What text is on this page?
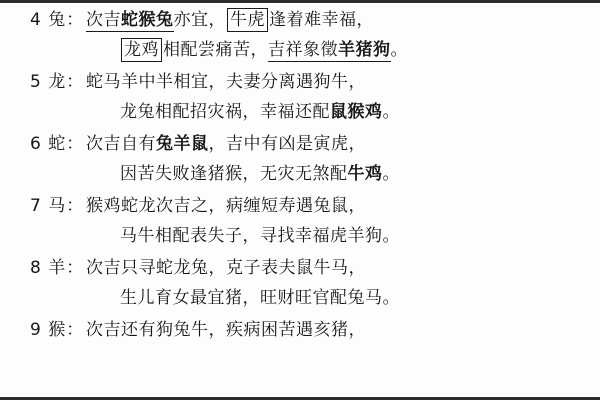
4 兔： 次吉蛇猴兔亦宜， 牛虎 逢着难幸福，
龙鸡 相配尝痛苦，吉祥象徵羊猪狗。
5 龙： 蛇马羊中半相宜，夫妻分离遇狗牛，
龙兔相配招灾祸，幸福还配鼠猴鸡。
6 蛇： 次吉自有兔羊鼠，吉中有凶是寅虎，
因苦失败逢猪猴，无灾无煞配牛鸡。
7 马： 猴鸡蛇龙次吉之，病缠短寿遇兔鼠，
马牛相配表失子，寻找幸福虎羊狗。
8 羊： 次吉只寻蛇龙兔，克子表夫鼠牛马，
生儿育女最宜猪，旺财旺官配兔马。
9 猴： 次吉还有狗兔牛，疾病困苦遇亥猪，
